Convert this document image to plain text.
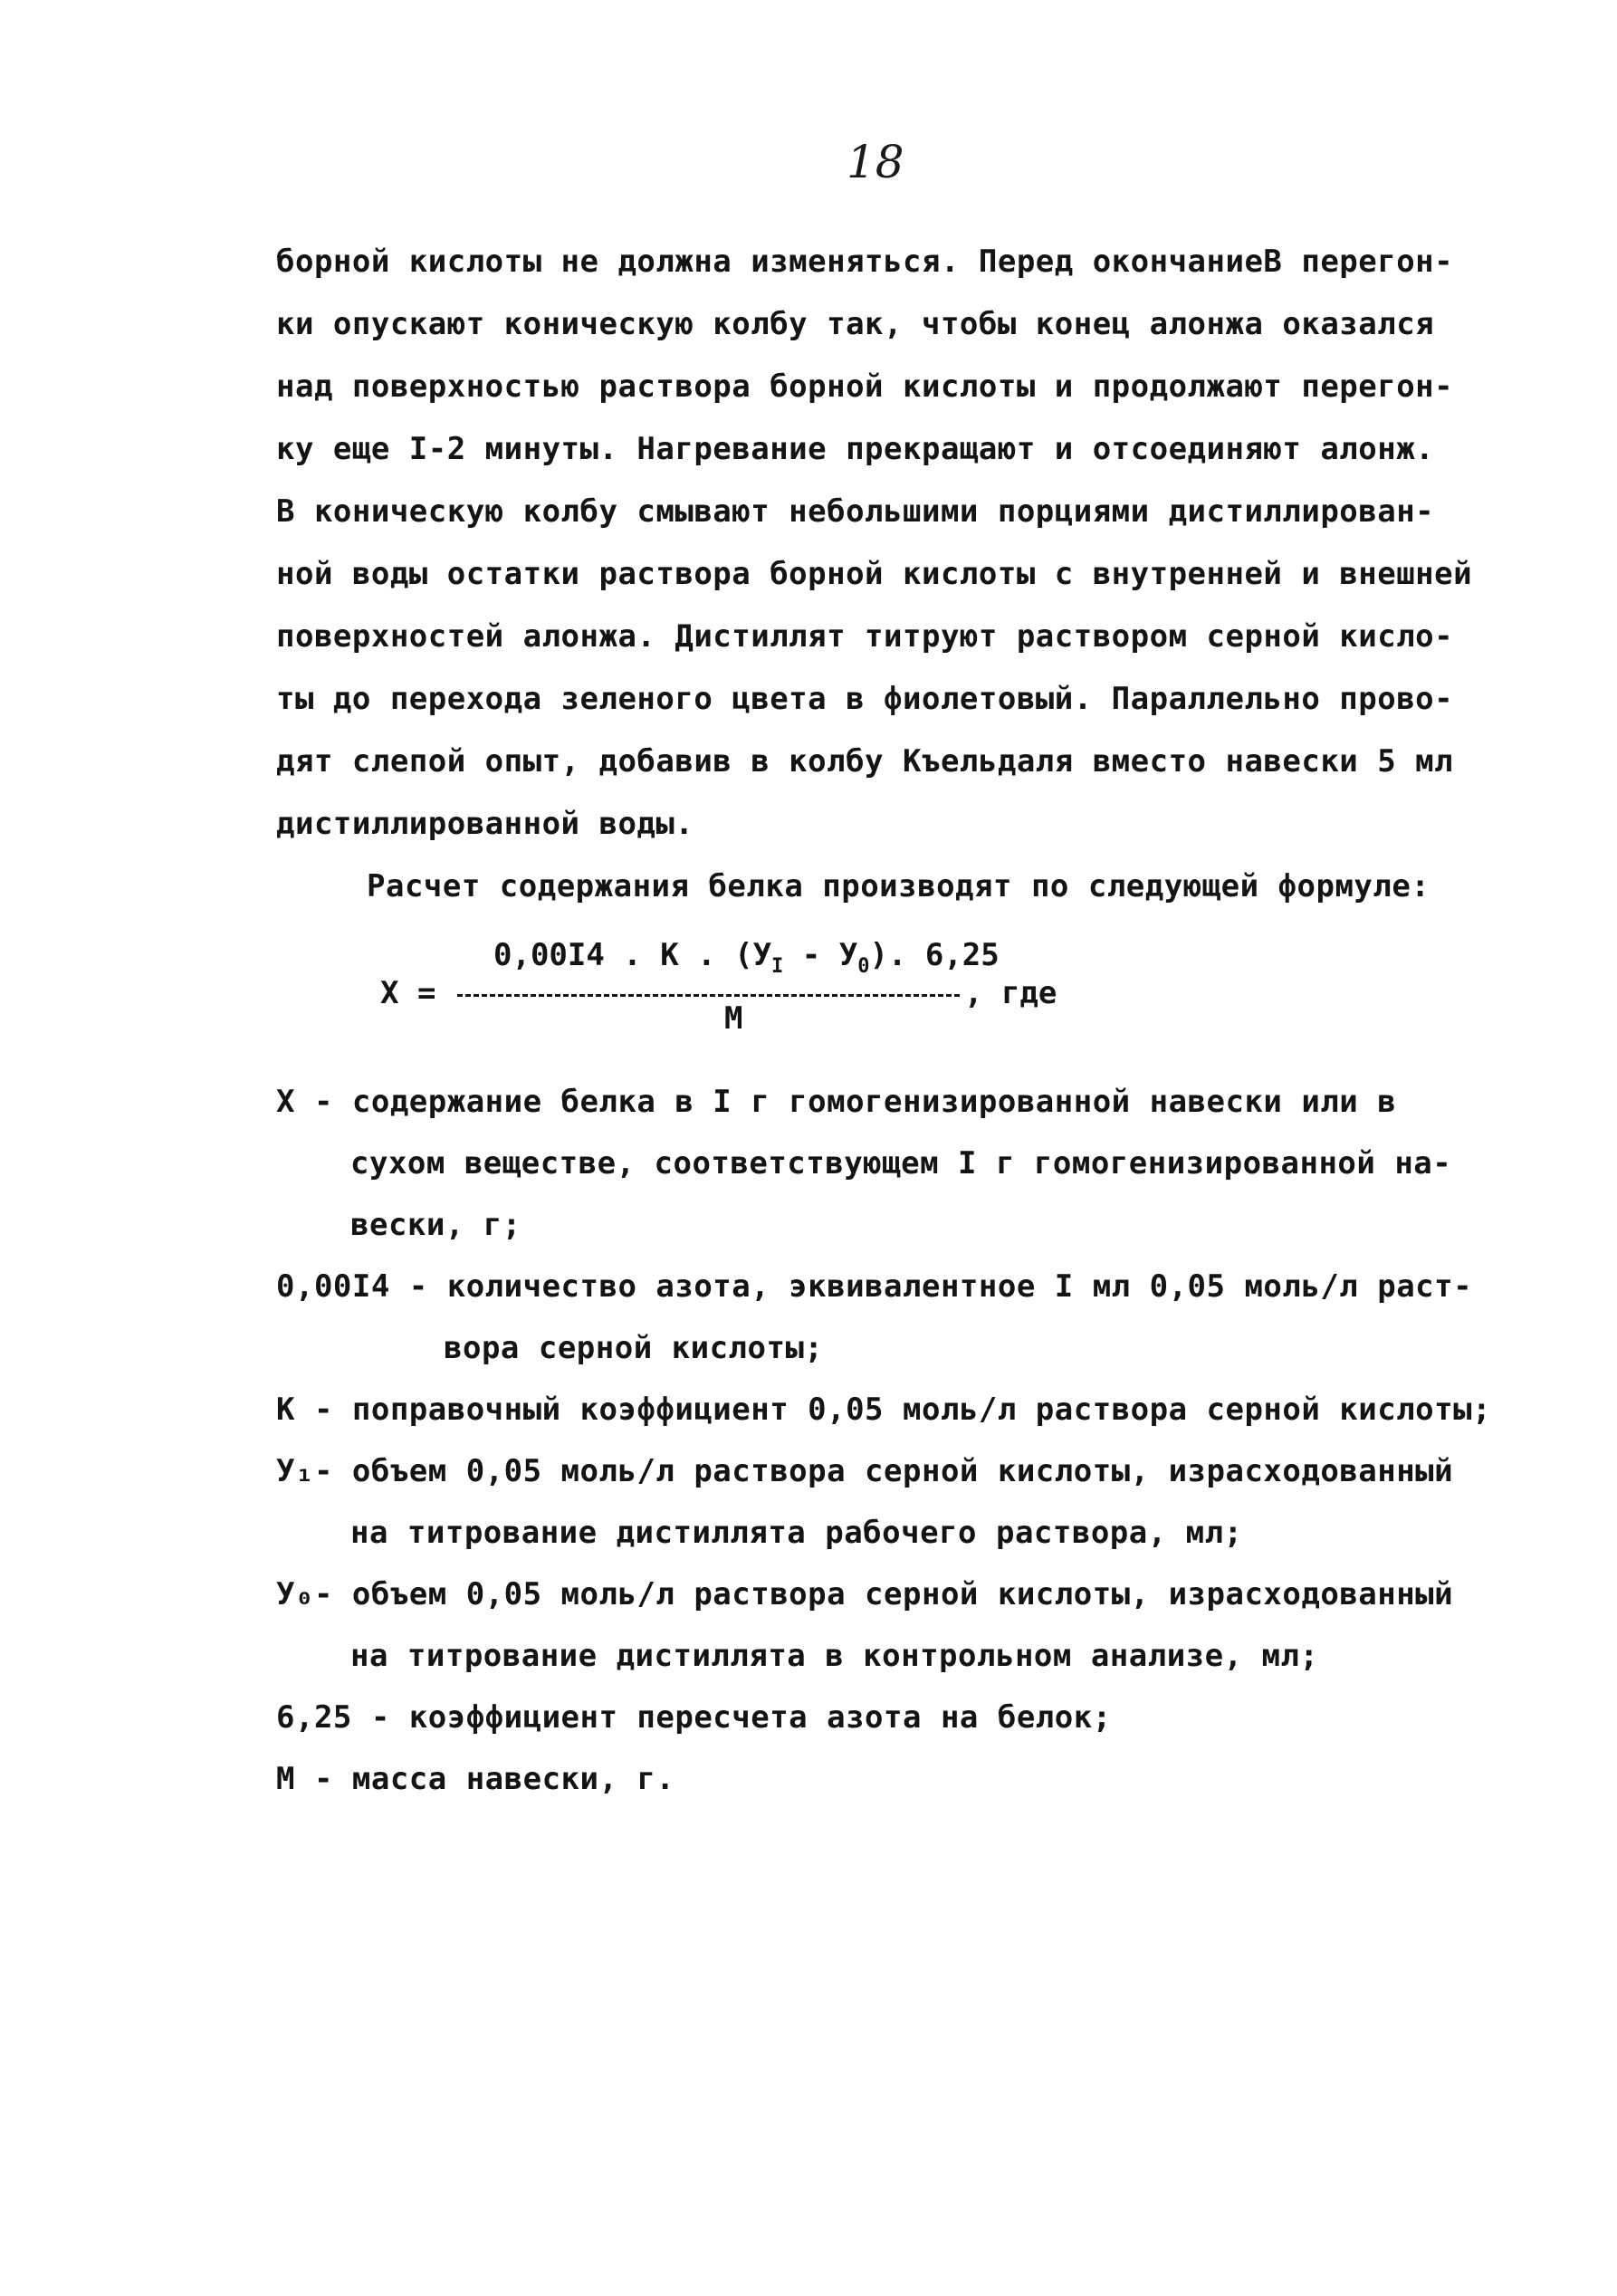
18
борной кислоты не должна изменяться. Перед окончаниеВ перегон-
ки опускают коническую колбу так, чтобы конец алонжа оказался
над поверхностью раствора борной кислоты и продолжают перегон-
ку еще I-2 минуты. Нагревание прекращают и отсоединяют алонж.
В коническую колбу смывают небольшими порциями дистиллирован-
ной воды остатки раствора борной кислоты с внутренней и внешней
поверхностей алонжа. Дистиллят титруют раствором серной кисло-
ты до перехода зеленого цвета в фиолетовый. Параллельно прово-
дят слепой опыт, добавив в колбу Къельдаля вместо навески 5 мл
дистиллированной воды.
Расчет содержания белка производят по следующей формуле:
X =
0,00I4 . К . $(У_I - У_0)$. 6,25
М
, где
X - содержание белка в I г гомогенизированной навески или в
сухом веществе, соответствующем I г гомогенизированной на-
вески, г;
0,00I4 - количество азота, эквивалентное I мл 0,05 моль/л раст-
вора серной кислоты;
К - поправочный коэффициент 0,05 моль/л раствора серной кислоты;
У₁- объем 0,05 моль/л раствора серной кислоты, израсходованный
на титрование дистиллята рабочего раствора, мл;
У₀- объем 0,05 моль/л раствора серной кислоты, израсходованный
на титрование дистиллята в контрольном анализе, мл;
6,25 - коэффициент пересчета азота на белок;
М - масса навески, г.
